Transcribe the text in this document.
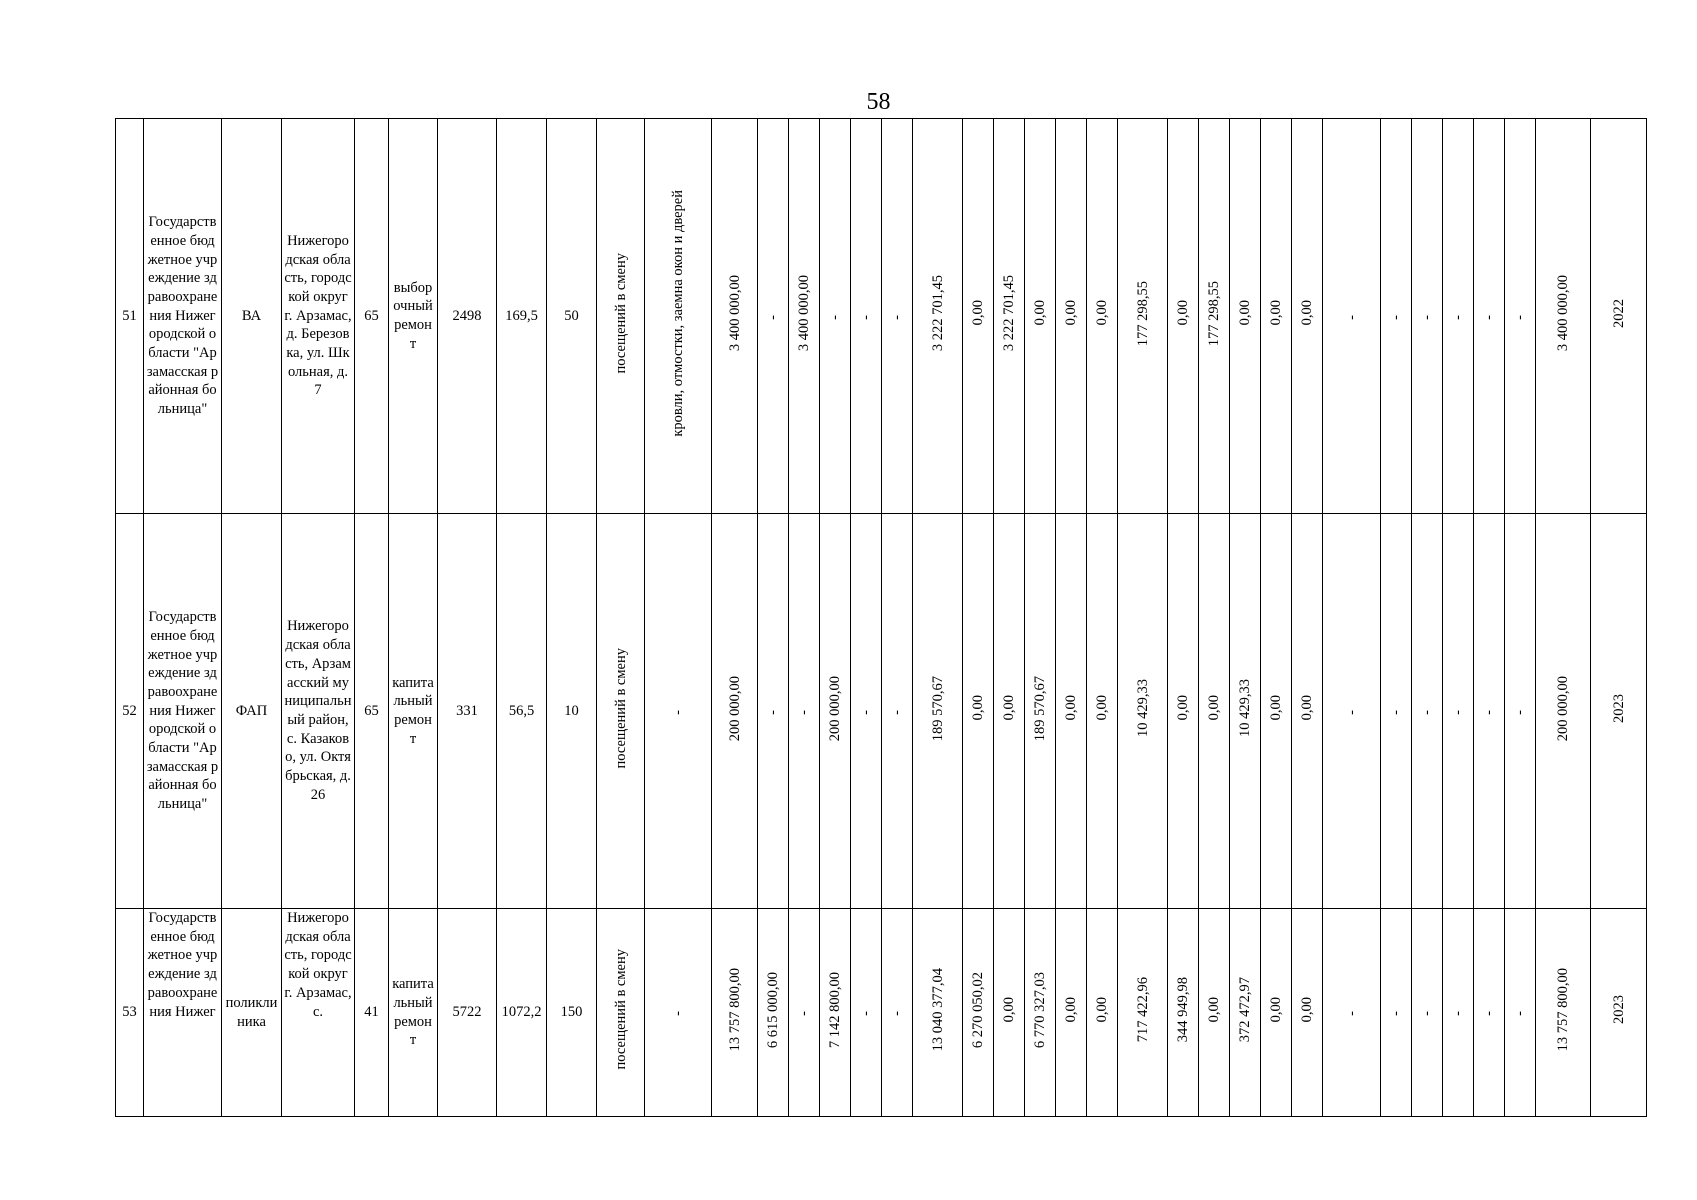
58
51	Государственное бюджетное учреждение здравоохранения Нижегородской области "Арзамасская районная больница"	ВА	Нижегородская область, городской округ г. Арзамас, д. Березовка, ул. Школьная, д. 7	65	выборочный ремонт	2498	169,5	50	посещений в смену	кровли, отмостки, заемна окон и дверей	3 400 000,00	-	3 400 000,00	-	-	-	3 222 701,45	0,00	3 222 701,45	0,00	0,00	0,00	177 298,55	0,00	177 298,55	0,00	0,00	0,00	-	-	-	-	-	-	3 400 000,00	2022
52	Государственное бюджетное учреждение здравоохранения Нижегородской области "Арзамасская районная больница"	ФАП	Нижегородская область, Арзамасский муниципальный район, с. Казаково, ул. Октябрьская, д. 26	65	капитальный ремонт	331	56,5	10	посещений в смену	-	200 000,00	-	-	200 000,00	-	-	189 570,67	0,00	0,00	189 570,67	0,00	0,00	10 429,33	0,00	0,00	10 429,33	0,00	0,00	-	-	-	-	-	-	200 000,00	2023
53	Государственное бюджетное учреждение здравоохранения Нижег	поликлиника	Нижегородская область, городской округ г. Арзамас, с.	41	капитальный ремонт	5722	1072,2	150	посещений в смену	-	13 757 800,00	6 615 000,00	-	7 142 800,00	-	-	13 040 377,04	6 270 050,02	0,00	6 770 327,03	0,00	0,00	717 422,96	344 949,98	0,00	372 472,97	0,00	0,00	-	-	-	-	-	-	13 757 800,00	2023
